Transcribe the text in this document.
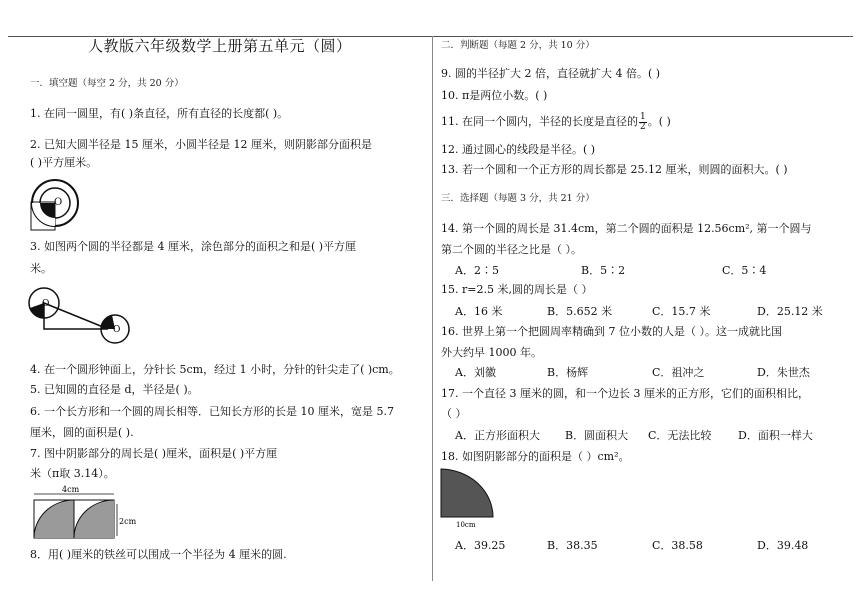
人教版六年级数学上册第五单元（圆）
一．填空题（每空 2 分，共 20 分）
1. 在同一圆里，有( )条直径，所有直径的长度都( )。
2. 已知大圆半径是 15 厘米，小圆半径是 12 厘米，则阴影部分面积是
( )平方厘米。
O
3. 如图两个圆的半径都是 4 厘米，涂色部分的面积之和是( )平方厘
米。
O
O
4. 在一个圆形钟面上，分针长 5cm，经过 1 小时，分针的针尖走了( )cm。
5. 已知圆的直径是 d，半径是( )。
6. 一个长方形和一个圆的周长相等．已知长方形的长是 10 厘米，宽是 5.7
厘米，圆的面积是( ).
7. 图中阴影部分的周长是( )厘米，面积是( )平方厘
米（π取 3.14）。
4cm
2cm
8．用( )厘米的铁丝可以围成一个半径为 4 厘米的圆.
二．判断题（每题 2 分，共 10 分）
9. 圆的半径扩大 2 倍，直径就扩大 4 倍。( )
10. π是两位小数。( )
11. 在同一个圆内，半径的长度是直径的 $\frac{1}{2}$ 。( )
12. 通过圆心的线段是半径。( )
13. 若一个圆和一个正方形的周长都是 25.12 厘米，则圆的面积大。( )
三．选择题（每题 3 分，共 21 分）
14. 第一个圆的周长是 31.4cm，第二个圆的面积是 12.56cm², 第一个圆与
第二个圆的半径之比是（ ）。
A．2∶5	B．5∶2	C．5∶4
15. r=2.5 米,圆的周长是（ ）
A．16 米	B．5.652 米	C．15.7 米	D．25.12 米
16. 世界上第一个把圆周率精确到 7 位小数的人是（ ）。这一成就比国
外大约早 1000 年。
A．刘徽	B．杨辉	C．祖冲之	D．朱世杰
17. 一个直径 3 厘米的圆，和一个边长 3 厘米的正方形，它们的面积相比，
（ ）
A．正方形面积大 B．圆面积大 C．无法比较 D．面积一样大
18. 如图阴影部分的面积是（ ）cm²。
10cm
A．39.25	B．38.35	C．38.58	D．39.48
